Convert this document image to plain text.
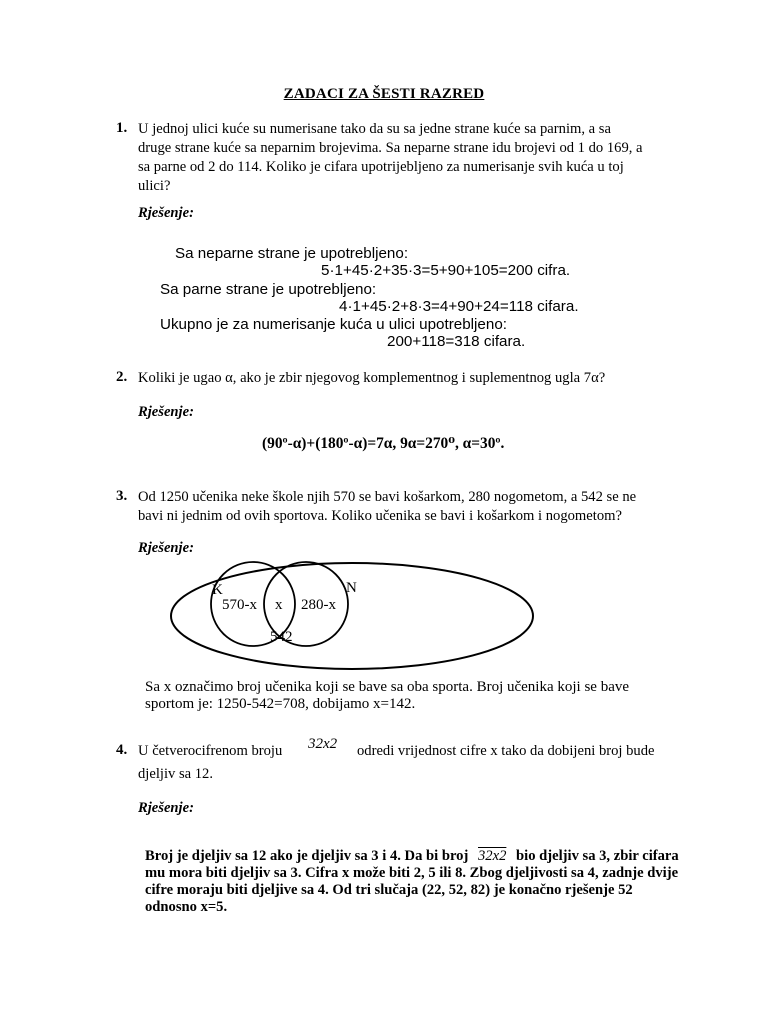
ZADACI ZA ŠESTI RAZRED
1. U jednoj ulici kuće su numerisane tako da su sa jedne strane kuće sa parnim, a sa
druge strane kuće sa neparnim brojevima. Sa neparne strane idu brojevi od 1 do 169, a
sa parne od 2 do 114. Koliko je cifara upotrijebljeno za numerisanje svih kuća u toj
ulici?
Rješenje:
Sa neparne strane je upotrebljeno:
5·1+45·2+35·3=5+90+105=200 cifra.
Sa parne strane je upotrebljeno:
4·1+45·2+8·3=4+90+24=118 cifara.
Ukupno je za numerisanje kuća u ulici upotrebljeno:
200+118=318 cifara.
2. Koliki je ugao α, ako je zbir njegovog komplementnog i suplementnog ugla 7α?
Rješenje:
(90º-α)+(180º-α)=7α, 9α=270⁰, α=30º.
3. Od 1250 učenika neke škole njih 570 se bavi košarkom, 280 nogometom, a 542 se ne
bavi ni jednim od ovih sportova. Koliko učenika se bavi i košarkom i nogometom?
Rješenje:
K	N
570-x x 280-x
542
Sa x označimo broj učenika koji se bave sa oba sporta. Broj učenika koji se bave
sportom je: 1250-542=708, dobijamo x=142.
4. U četverocifrenom broju 32x2 odredi vrijednost cifre x tako da dobijeni broj bude
djeljiv sa 12.
Rješenje:
Broj je djeljiv sa 12 ako je djeljiv sa 3 i 4. Da bi broj 32x2 bio djeljiv sa 3, zbir cifara
mu mora biti djeljiv sa 3. Cifra x može biti 2, 5 ili 8. Zbog djeljivosti sa 4, zadnje dvije
cifre moraju biti djeljive sa 4. Od tri slučaja (22, 52, 82) je konačno rješenje 52
odnosno x=5.
